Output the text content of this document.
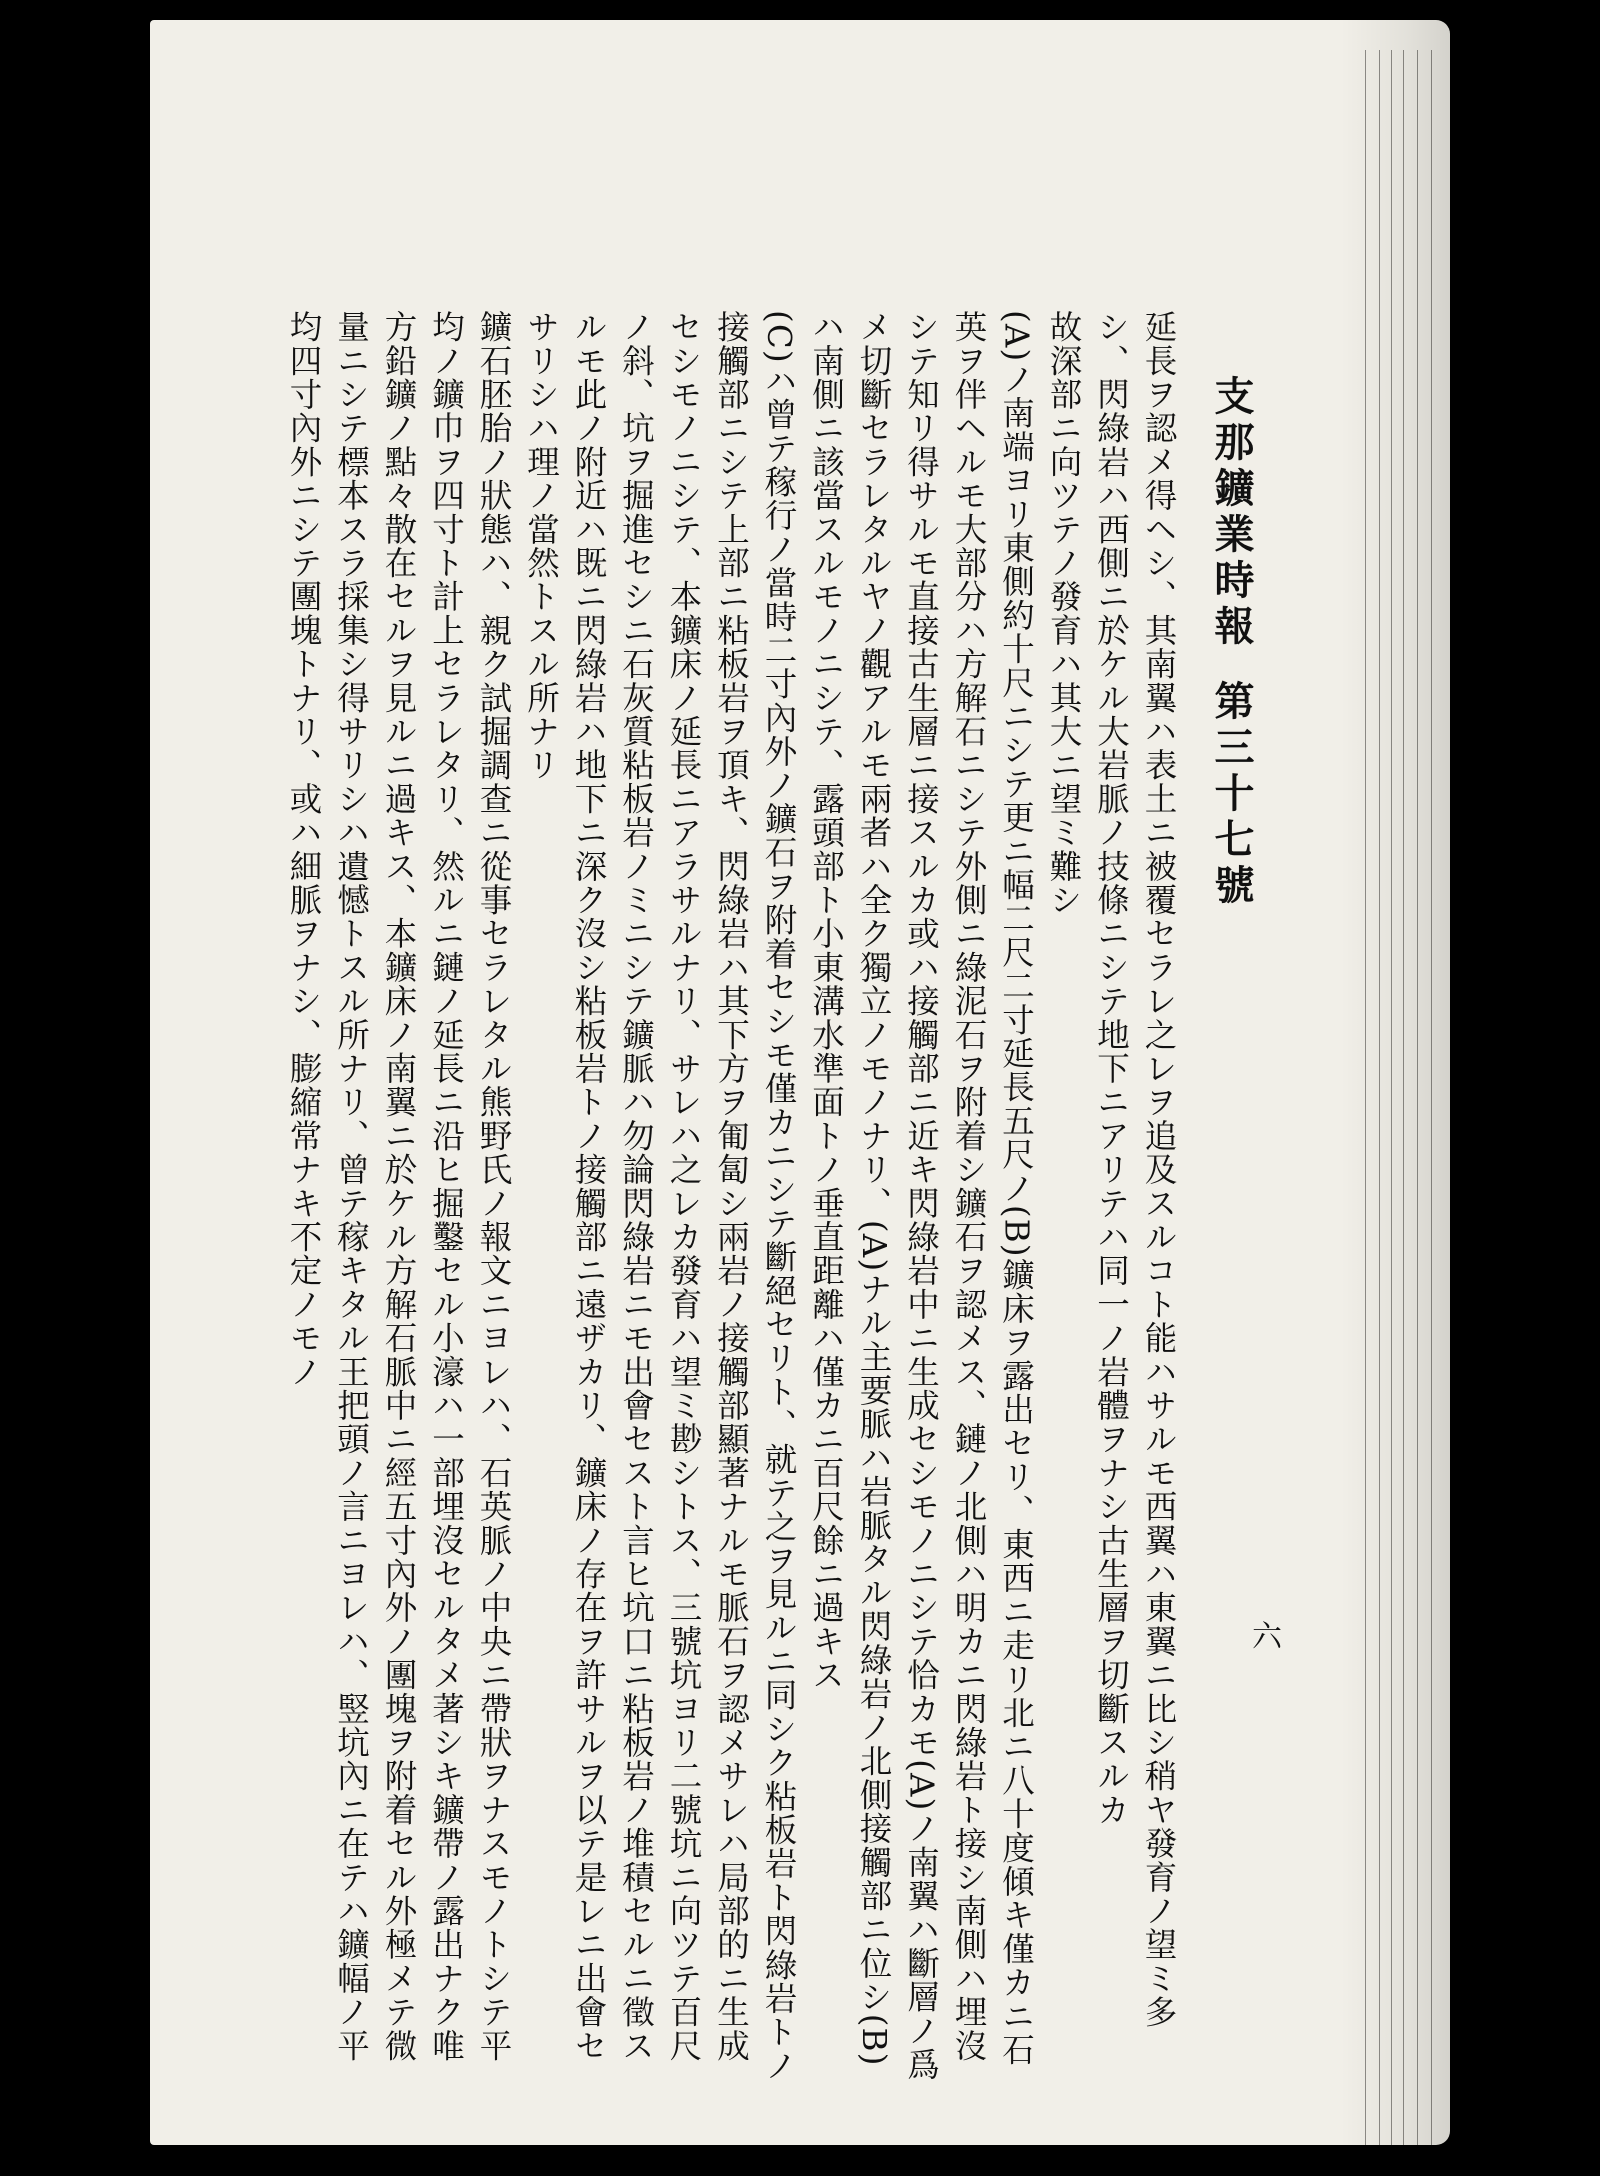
支那鑛業時報
第三十七號
六

延長ヲ認メ得ヘシ、其南翼ハ表土ニ被覆セラレ之レヲ追及スルコト能ハサルモ西翼ハ東翼ニ比シ稍ヤ發育ノ望ミ多シ、閃綠岩ハ西側ニ於ケル大岩脈ノ技條ニシテ地下ニアリテハ同一ノ岩體ヲナシ古生層ヲ切斷スルカ

故深部ニ向ツテノ發育ハ其大ニ望ミ難シ

(A)ノ南端ヨリ東側約十尺ニシテ更ニ幅二尺二寸延長五尺ノ(B)鑛床ヲ露出セリ、東西ニ走リ北ニ八十度傾キ僅カニ石英ヲ伴ヘルモ大部分ハ方解石ニシテ外側ニ綠泥石ヲ附着シ鑛石ヲ認メス、鏈ノ北側ハ明カニ閃綠岩ト接シ南側ハ埋沒シテ知リ得サルモ直接古生層ニ接スルカ或ハ接觸部ニ近キ閃綠岩中ニ生成セシモノニシテ恰カモ(A)ノ南翼ハ斷層ノ爲メ切斷セラレタルヤノ觀アルモ兩者ハ全ク獨立ノモノナリ、(A)ナル主要脈ハ岩脈タル閃綠岩ノ北側接觸部ニ位シ(B)ハ南側ニ該當スルモノニシテ、露頭部ト小東溝水準面トノ垂直距離ハ僅カニ百尺餘ニ過キス

(C)ハ曾テ稼行ノ當時二寸內外ノ鑛石ヲ附着セシモ僅カニシテ斷絕セリト、就テ之ヲ見ルニ同シク粘板岩ト閃綠岩トノ接觸部ニシテ上部ニ粘板岩ヲ頂キ、閃綠岩ハ其下方ヲ匍匐シ兩岩ノ接觸部顯著ナルモ脈石ヲ認メサレハ局部的ニ生成セシモノニシテ、本鑛床ノ延長ニアラサルナリ、サレハ之レカ發育ハ望ミ尠シトス、三號坑ヨリ二號坑ニ向ツテ百尺ノ斜、坑ヲ掘進セシニ石灰質粘板岩ノミニシテ鑛脈ハ勿論閃綠岩ニモ出會セスト言ヒ坑口ニ粘板岩ノ堆積セルニ徵スルモ此ノ附近ハ既ニ閃綠岩ハ地下ニ深ク沒シ粘板岩トノ接觸部ニ遠ザカリ、鑛床ノ存在ヲ許サルヲ以テ是レニ出會セサリシハ理ノ當然トスル所ナリ

鑛石胚胎ノ狀態ハ、親ク試掘調查ニ從事セラレタル熊野氏ノ報文ニヨレハ、石英脈ノ中央ニ帶狀ヲナスモノトシテ平均ノ鑛巾ヲ四寸ト計上セラレタリ、然ルニ鏈ノ延長ニ沿ヒ掘鑿セル小濠ハ一部埋沒セルタメ著シキ鑛帶ノ露出ナク唯方鉛鑛ノ點々散在セルヲ見ルニ過キス、本鑛床ノ南翼ニ於ケル方解石脈中ニ經五寸內外ノ團塊ヲ附着セル外極メテ微量ニシテ標本スラ採集シ得サリシハ遺憾トスル所ナリ、曾テ稼キタル王把頭ノ言ニヨレハ、竪坑內ニ在テハ鑛幅ノ平均四寸內外ニシテ團塊トナリ、或ハ細脈ヲナシ、膨縮常ナキ不定ノモノ
